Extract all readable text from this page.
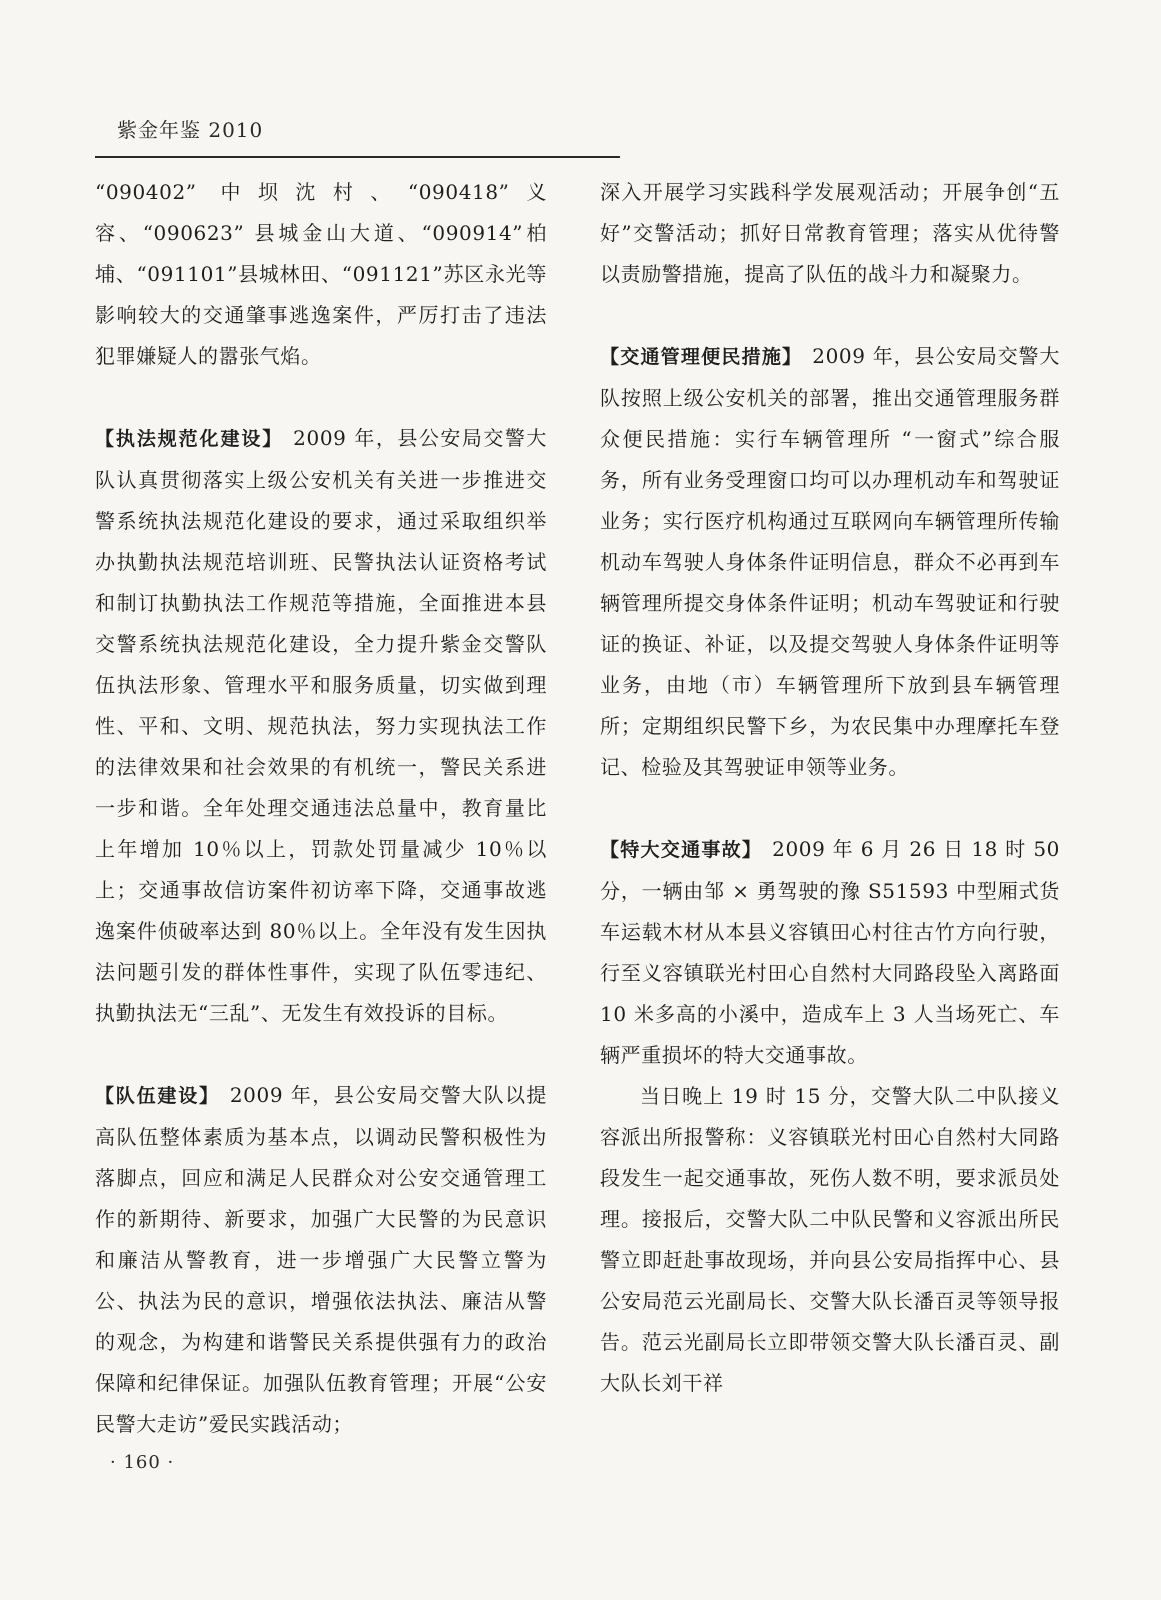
紫金年鉴 2010

“090402” 中坝沈村、“090418”义容、“090623” 县城金山大道、“090914”柏埔、“091101”县城林田、“091121”苏区永光等影响较大的交通肇事逃逸案件，严厉打击了违法犯罪嫌疑人的嚣张气焰。

【执法规范化建设】 2009 年，县公安局交警大队认真贯彻落实上级公安机关有关进一步推进交警系统执法规范化建设的要求，通过采取组织举办执勤执法规范培训班、民警执法认证资格考试和制订执勤执法工作规范等措施，全面推进本县交警系统执法规范化建设，全力提升紫金交警队伍执法形象、管理水平和服务质量，切实做到理性、平和、文明、规范执法，努力实现执法工作的法律效果和社会效果的有机统一，警民关系进一步和谐。全年处理交通违法总量中，教育量比上年增加 10％以上，罚款处罚量减少 10％以上；交通事故信访案件初访率下降，交通事故逃逸案件侦破率达到 80％以上。全年没有发生因执法问题引发的群体性事件，实现了队伍零违纪、执勤执法无“三乱”、无发生有效投诉的目标。

【队伍建设】 2009 年，县公安局交警大队以提高队伍整体素质为基本点，以调动民警积极性为落脚点，回应和满足人民群众对公安交通管理工作的新期待、新要求，加强广大民警的为民意识和廉洁从警教育，进一步增强广大民警立警为公、执法为民的意识，增强依法执法、廉洁从警的观念，为构建和谐警民关系提供强有力的政治保障和纪律保证。加强队伍教育管理；开展“公安民警大走访”爱民实践活动；

深入开展学习实践科学发展观活动；开展争创“五好”交警活动；抓好日常教育管理；落实从优待警以责励警措施，提高了队伍的战斗力和凝聚力。

【交通管理便民措施】 2009 年，县公安局交警大队按照上级公安机关的部署，推出交通管理服务群众便民措施：实行车辆管理所 “一窗式”综合服务，所有业务受理窗口均可以办理机动车和驾驶证业务；实行医疗机构通过互联网向车辆管理所传输机动车驾驶人身体条件证明信息，群众不必再到车辆管理所提交身体条件证明；机动车驾驶证和行驶证的换证、补证，以及提交驾驶人身体条件证明等业务，由地（市）车辆管理所下放到县车辆管理所；定期组织民警下乡，为农民集中办理摩托车登记、检验及其驾驶证申领等业务。

【特大交通事故】 2009 年 6 月 26 日 18 时 50 分，一辆由邹 × 勇驾驶的豫 S51593 中型厢式货车运载木材从本县义容镇田心村往古竹方向行驶，行至义容镇联光村田心自然村大同路段坠入离路面 10 米多高的小溪中，造成车上 3 人当场死亡、车辆严重损坏的特大交通事故。

当日晚上 19 时 15 分，交警大队二中队接义容派出所报警称：义容镇联光村田心自然村大同路段发生一起交通事故，死伤人数不明，要求派员处理。接报后，交警大队二中队民警和义容派出所民警立即赶赴事故现场，并向县公安局指挥中心、县公安局范云光副局长、交警大队长潘百灵等领导报告。范云光副局长立即带领交警大队长潘百灵、副大队长刘干祥

· 160 ·
